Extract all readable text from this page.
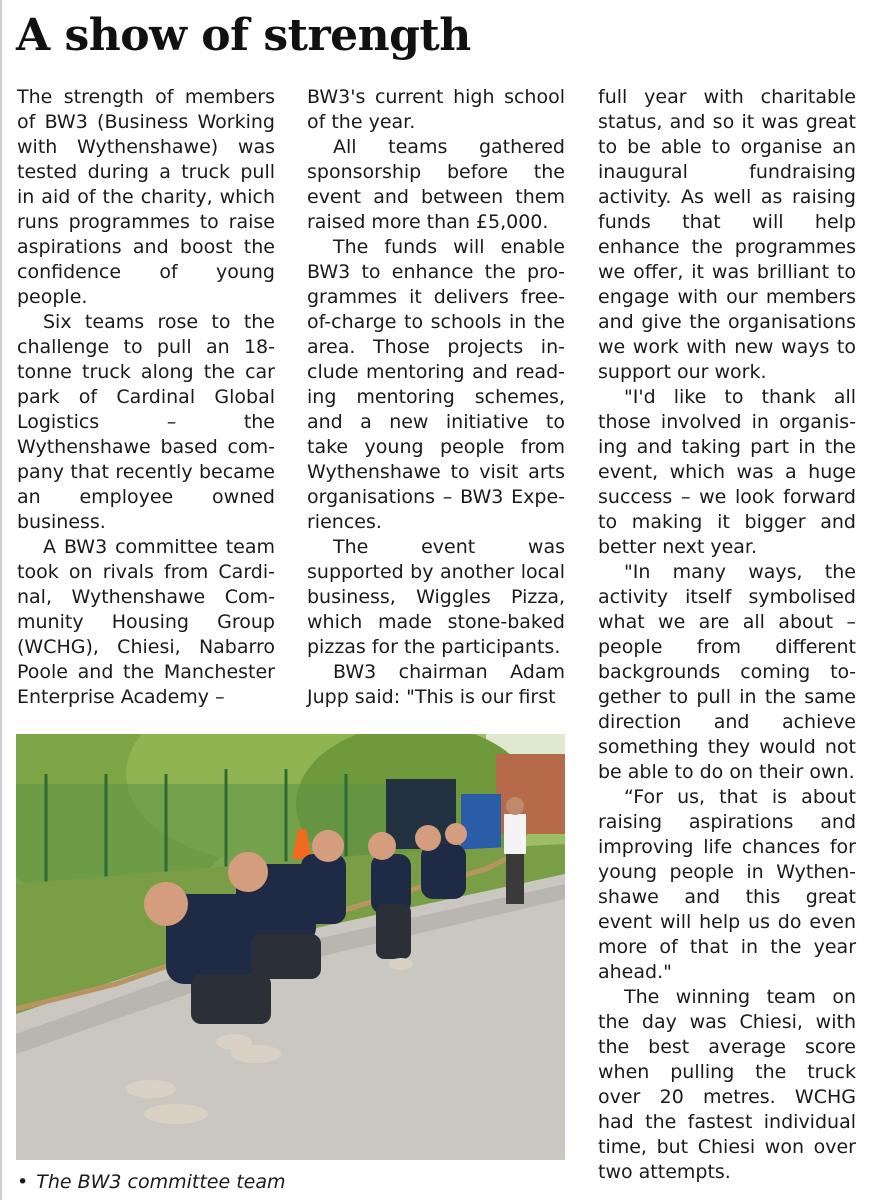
A show of strength

The strength of members of BW3 (Business Working with Wythenshawe) was tested during a truck pull in aid of the charity, which runs programmes to raise aspirations and boost the confidence of young people.

Six teams rose to the challenge to pull an 18-tonne truck along the car park of Cardinal Global Logistics – the Wythenshawe based company that recently became an employee owned business.

A BW3 committee team took on rivals from Cardinal, Wythenshawe Community Housing Group (WCHG), Chiesi, Nabarro Poole and the Manchester Enterprise Academy –

BW3's current high school of the year.

All teams gathered sponsorship before the event and between them raised more than £5,000.

The funds will enable BW3 to enhance the programmes it delivers free-of-charge to schools in the area. Those projects include mentoring and reading mentoring schemes, and a new initiative to take young people from Wythenshawe to visit arts organisations – BW3 Experiences.

The event was supported by another local business, Wiggles Pizza, which made stone-baked pizzas for the participants.

BW3 chairman Adam Jupp said: "This is our first

full year with charitable status, and so it was great to be able to organise an inaugural fundraising activity. As well as raising funds that will help enhance the programmes we offer, it was brilliant to engage with our members and give the organisations we work with new ways to support our work.

"I'd like to thank all those involved in organising and taking part in the event, which was a huge success – we look forward to making it bigger and better next year.

"In many ways, the activity itself symbolised what we are all about – people from different backgrounds coming together to pull in the same direction and achieve something they would not be able to do on their own.

“For us, that is about raising aspirations and improving life chances for young people in Wythenshawe and this great event will help us do even more of that in the year ahead."

The winning team on the day was Chiesi, with the best average score when pulling the truck over 20 metres. WCHG had the fastest individual time, but Chiesi won over two attempts.

• The BW3 committee team
